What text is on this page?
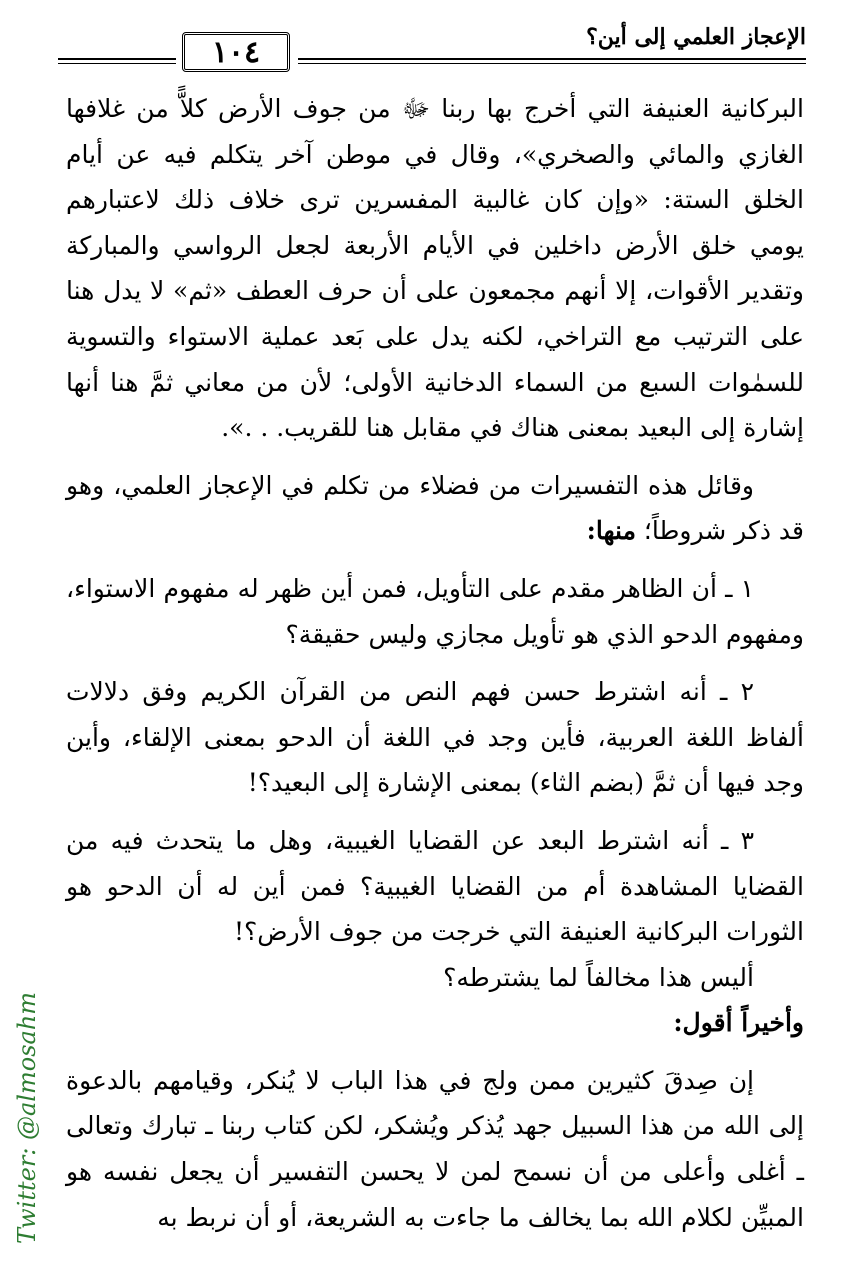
١٠٤	الإعجاز العلمي إلى أين؟

البركانية العنيفة التي أخرج بها ربنا ﷻ من جوف الأرض كلاًّ من غلافها الغازي والمائي والصخري»، وقال في موطن آخر يتكلم فيه عن أيام الخلق الستة: «وإن كان غالبية المفسرين ترى خلاف ذلك لاعتبارهم يومي خلق الأرض داخلين في الأيام الأربعة لجعل الرواسي والمباركة وتقدير الأقوات، إلا أنهم مجمعون على أن حرف العطف «ثم» لا يدل هنا على الترتيب مع التراخي، لكنه يدل على بَعد عملية الاستواء والتسوية للسمٰوات السبع من السماء الدخانية الأولى؛ لأن من معاني ثمَّ هنا أنها إشارة إلى البعيد بمعنى هناك في مقابل هنا للقريب. . .».

وقائل هذه التفسيرات من فضلاء من تكلم في الإعجاز العلمي، وهو قد ذكر شروطاً؛ منها:

١ ـ أن الظاهر مقدم على التأويل، فمن أين ظهر له مفهوم الاستواء، ومفهوم الدحو الذي هو تأويل مجازي وليس حقيقة؟

٢ ـ أنه اشترط حسن فهم النص من القرآن الكريم وفق دلالات ألفاظ اللغة العربية، فأين وجد في اللغة أن الدحو بمعنى الإلقاء، وأين وجد فيها أن ثمَّ (بضم الثاء) بمعنى الإشارة إلى البعيد؟!

٣ ـ أنه اشترط البعد عن القضايا الغيبية، وهل ما يتحدث فيه من القضايا المشاهدة أم من القضايا الغيبية؟ فمن أين له أن الدحو هو الثورات البركانية العنيفة التي خرجت من جوف الأرض؟!

أليس هذا مخالفاً لما يشترطه؟

وأخيراً أقول:

إن صِدقَ كثيرين ممن ولج في هذا الباب لا يُنكر، وقيامهم بالدعوة إلى الله من هذا السبيل جهد يُذكر ويُشكر، لكن كتاب ربنا ـ تبارك وتعالى ـ أغلى وأعلى من أن نسمح لمن لا يحسن التفسير أن يجعل نفسه هو المبيِّن لكلام الله بما يخالف ما جاءت به الشريعة، أو أن نربط به

Twitter: @almosahm
